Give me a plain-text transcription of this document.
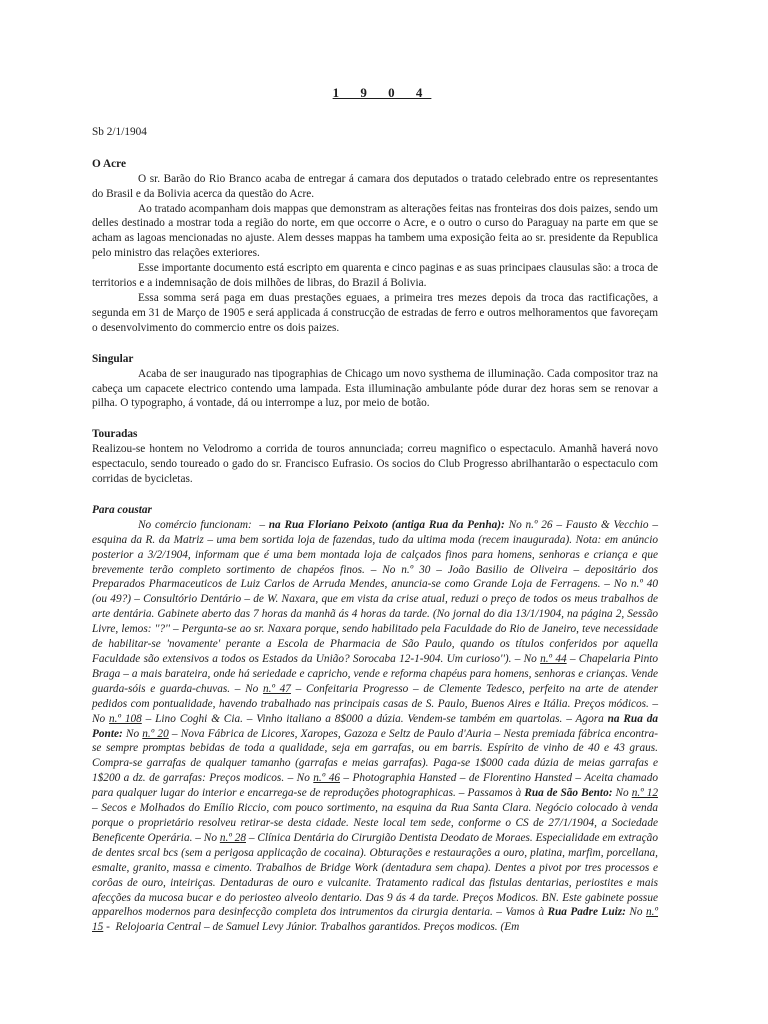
1 9 0 4
Sb 2/1/1904
O Acre

O sr. Barão do Rio Branco acaba de entregar á camara dos deputados o tratado celebrado entre os representantes do Brasil e da Bolivia acerca da questão do Acre.

Ao tratado acompanham dois mappas que demonstram as alterações feitas nas fronteiras dos dois paizes, sendo um delles destinado a mostrar toda a região do norte, em que occorre o Acre, e o outro o curso do Paraguay na parte em que se acham as lagoas mencionadas no ajuste. Alem desses mappas ha tambem uma exposição feita ao sr. presidente da Republica pelo ministro das relações exteriores.

Esse importante documento está escripto em quarenta e cinco paginas e as suas principaes clausulas são: a troca de territorios e a indemnisação de dois milhões de libras, do Brazil á Bolivia.

Essa somma será paga em duas prestações eguaes, a primeira tres mezes depois da troca das ractificações, a segunda em 31 de Março de 1905 e será applicada á construcção de estradas de ferro e outros melhoramentos que favoreçam o desenvolvimento do commercio entre os dois paizes.

Singular

Acaba de ser inaugurado nas tipographias de Chicago um novo systhema de illuminação. Cada compositor traz na cabeça um capacete electrico contendo uma lampada. Esta illuminação ambulante póde durar dez horas sem se renovar a pilha. O typographo, á vontade, dá ou interrompe a luz, por meio de botão.

Touradas

Realizou-se hontem no Velodromo a corrida de touros annunciada; correu magnifico o espectaculo. Amanhã haverá novo espectaculo, sendo toureado o gado do sr. Francisco Eufrasio. Os socios do Club Progresso abrilhantarão o espectaculo com corridas de bycicletas.

Para coustar

No comércio funcionam:  – na Rua Floriano Peixoto (antiga Rua da Penha): No n.º 26 – Fausto & Vecchio – esquina da R. da Matriz – uma bem sortida loja de fazendas, tudo da ultima moda (recem inaugurada). Nota: em anúncio posterior a 3/2/1904, informam que é uma bem montada loja de calçados finos para homens, senhoras e criança e que brevemente terão completo sortimento de chapéos finos. – No n.º 30 – João Basilio de Oliveira – depositário dos Preparados Pharmaceuticos de Luiz Carlos de Arruda Mendes, anuncia-se como Grande Loja de Ferragens. – No n.º 40 (ou 49?) – Consultório Dentário – de W. Naxara, que em vista da crise atual, reduzi o preço de todos os meus trabalhos de arte dentária. Gabinete aberto das 7 horas da manhã ás 4 horas da tarde. (No jornal do dia 13/1/1904, na página 2, Sessão Livre, lemos: ''?'' – Pergunta-se ao sr. Naxara porque, sendo habilitado pela Faculdade do Rio de Janeiro, teve necessidade de habilitar-se 'novamente' perante a Escola de Pharmacia de São Paulo, quando os títulos conferidos por aquella Faculdade são extensivos a todos os Estados da União? Sorocaba 12-1-904. Um curioso''). – No n.º 44 – Chapelaria Pinto Braga – a mais barateira, onde há seriedade e capricho, vende e reforma chapéus para homens, senhoras e crianças. Vende guarda-sóis e guarda-chuvas. – No n.º 47 – Confeitaria Progresso – de Clemente Tedesco, perfeito na arte de atender pedidos com pontualidade, havendo trabalhado nas principais casas de S. Paulo, Buenos Aires e Itália. Preços módicos. – No n.º 108 – Lino Coghi & Cia. – Vinho italiano a 8$000 a dúzia. Vendem-se também em quartolas. – Agora na Rua da Ponte: No n.º 20 – Nova Fábrica de Licores, Xaropes, Gazoza e Seltz de Paulo d'Auria – Nesta premiada fábrica encontra-se sempre promptas bebidas de toda a qualidade, seja em garrafas, ou em barris. Espírito de vinho de 40 e 43 graus. Compra-se garrafas de qualquer tamanho (garrafas e meias garrafas). Paga-se 1$000 cada dúzia de meias garrafas e 1$200 a dz. de garrafas: Preços modicos. – No n.º 46 – Photographia Hansted – de Florentino Hansted – Aceita chamado para qualquer lugar do interior e encarrega-se de reproduções photographicas. – Passamos à Rua de São Bento: No n.º 12 – Secos e Molhados do Emílio Riccio, com pouco sortimento, na esquina da Rua Santa Clara. Negócio colocado à venda porque o proprietário resolveu retirar-se desta cidade. Neste local tem sede, conforme o CS de 27/1/1904, a Sociedade Beneficente Operária. – No n.º 28 – Clínica Dentária do Cirurgião Dentista Deodato de Moraes. Especialidade em extração de dentes srcal bcs (sem a perigosa applicação de cocaina). Obturações e restaurações a ouro, platina, marfim, porcellana, esmalte, granito, massa e cimento. Trabalhos de Bridge Work (dentadura sem chapa). Dentes a pivot por tres processos e corôas de ouro, inteiriças. Dentaduras de ouro e vulcanite. Tratamento radical das fistulas dentarias, periostites e mais afecções da mucosa bucar e do periosteo alveolo dentario. Das 9 ás 4 da tarde. Preços Modicos. BN. Este gabinete possue apparelhos modernos para desinfecção completa dos intrumentos da cirurgia dentaria. – Vamos à Rua Padre Luiz: No n.º 15 -  Relojoaria Central – de Samuel Levy Júnior. Trabalhos garantidos. Preços modicos. (Em
